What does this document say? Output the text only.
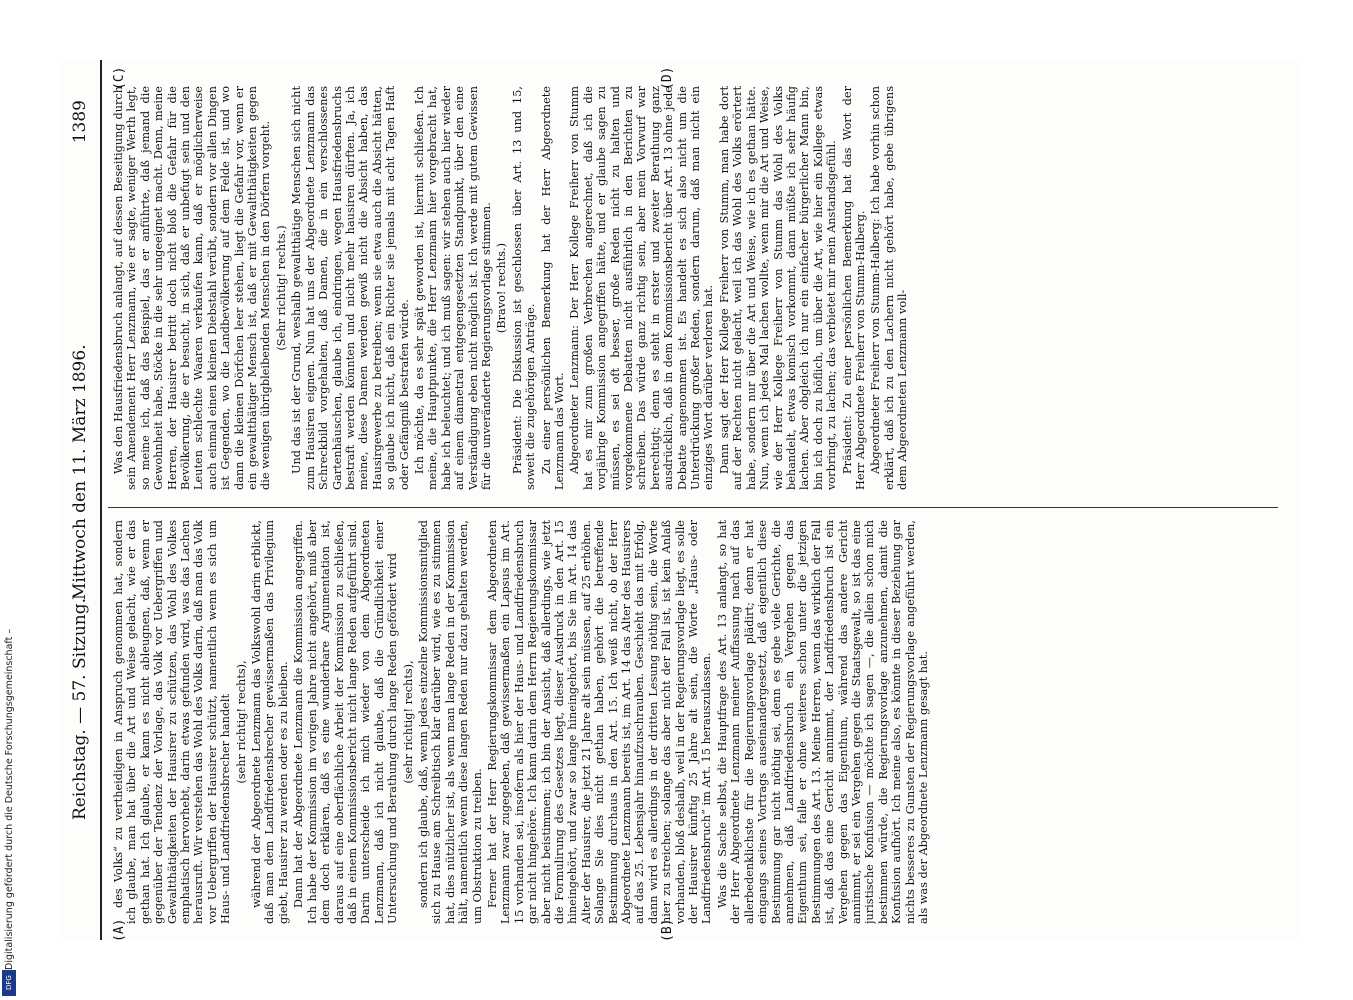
Reichstag. — 57. Sitzung.
Mittwoch den 11. März 1896.
1389
(A)	(B)
(C)	(D)

des Volks“ zu vertheidigen in Anspruch genommen hat, sondern ich glaube, man hat über die Art und Weise gelacht, wie er das gethan hat. Ich glaube, er kann es nicht ableugnen, daß, wenn er gegenüber der Tendenz der Vorlage, das Volk vor Uebergriffen und Gewaltthätigkeiten der Hausirer zu schützen, das Wohl des Volkes emphatisch hervorhebt, darin etwas gefunden wird, was das Lachen herausruft. Wir verstehen das Wohl des Volks darin, daß man das Volk vor Uebergriffen der Hausirer schützt, namentlich wenn es sich um Haus- und Landfriedensbrecher handelt (sehr richtig! rechts), während der Abgeordnete Lenzmann das Volkswohl darin erblickt, daß man dem Landfriedensbrecher gewissermaßen das Privilegium giebt, Hausirer zu werden oder es zu bleiben. Dann hat der Abgeordnete Lenzmann die Kommission angegriffen. Ich habe der Kommission im vorigen Jahre nicht angehört, muß aber dem doch erklären, daß es eine wunderbare Argumentation ist, daraus auf eine oberflächliche Arbeit der Kommission zu schließen, daß in einem Kommissionsbericht nicht lange Reden aufgeführt sind. Darin unterscheide ich mich wieder von dem Abgeordneten Lenzmann, daß ich nicht glaube, daß die Gründlichkeit einer Untersuchung und Berathung durch lange Reden gefördert wird (sehr richtig! rechts), sondern ich glaube, daß, wenn jedes einzelne Kommissionsmitglied sich zu Hause am Schreibtisch klar darüber wird, wie es zu stimmen hat, dies nützlicher ist, als wenn man lange Reden in der Kommission hält, namentlich wenn diese langen Reden nur dazu gehalten werden, um Obstruktion zu treiben. Ferner hat der Herr Regierungskommissar dem Abgeordneten Lenzmann zwar zugegeben, daß gewissermaßen ein Lapsus im Art. 15 vorhanden sei, insofern als hier der Haus- und Landfriedensbruch gar nicht hingehöre. Ich kann darin dem Herrn Regierungskommissar aber nicht beistimmen; ich bin der Ansicht, daß allerdings, wie jetzt die Formulirung des Gesetzes liegt, dieser Ausdruck in den Art. 15 hineingehört, und zwar so lange hineingehört, bis Sie im Art. 14 das Alter der Hausirer, die jetzt 21 Jahre alt sein müssen, auf 25 erhöhen. Solange Sie dies nicht gethan haben, gehört die betreffende Bestimmung durchaus in den Art. 15. Ich weiß nicht, ob der Herr Abgeordnete Lenzmann bereits ist, im Art. 14 das Alter des Hausirers auf das 25. Lebensjahr hinaufzuschrauben. Geschieht das mit Erfolg, dann wird es allerdings in der dritten Lesung nöthig sein, die Worte hier zu streichen; solange das aber nicht der Fall ist, ist kein Anlaß vorhanden, bloß deshalb, weil in der Regierungsvorlage liegt, es solle der Hausirer künftig 25 Jahre alt sein, die Worte „Haus- oder Landfriedensbruch“ im Art. 15 herauszulassen. Was die Sache selbst, die Hauptfrage des Art. 13 anlangt, so hat der Herr Abgeordnete Lenzmann meiner Auffassung nach auf das allerbedenklichste für die Regierungsvorlage plädirt; denn er hat eingangs seines Vortrags auseinandergesetzt, daß eigentlich diese Bestimmung gar nicht nöthig sei, denn es gebe viele Gerichte, die annehmen, daß Landfriedensbruch ein Vergehen gegen das Eigenthum sei, falle er ohne weiteres schon unter die jetzigen Bestimmungen des Art. 13. Meine Herren, wenn das wirklich der Fall ist, daß das eine Gericht annimmt, der Landfriedensbruch ist ein Vergehen gegen das Eigenthum, während das andere Gericht annimmt, er sei ein Vergehen gegen die Staatsgewalt, so ist das eine juristische Konfusion — möchte ich sagen —, die allein schon mich bestimmen würde, die Regierungsvorlage anzunehmen, damit die Konfusion aufhört. Ich meine also, es könnte in dieser Beziehung gar nichts besseres zu Gunsten der Regierungsvorlage angeführt werden, als was der Abgeordnete Lenzmann gesagt hat.

Was den Hausfriedensbruch anlangt, auf dessen Beseitigung durch sein Amendement Herr Lenzmann, wie er sagte, weniger Werth legt, so meine ich, daß das Beispiel, das er anführte, daß jemand die Gewohnheit habe, Stöcke in die sehr ungeeignet macht. Denn, meine Herren, der Hausirer betritt doch nicht bloß die Gefahr für die Bevölkerung, die er besucht, in sich, daß er unbefugt sein und den Leuten schlechte Waaren verkaufen kann, daß er möglicherweise auch einmal einen kleinen Diebstahl verübt, sondern vor allen Dingen ist Gegenden, wo die Landbevölkerung auf dem Felde ist, und wo dann die kleinen Dörfchen leer stehen, liegt die Gefahr vor, wenn er ein gewaltthätiger Mensch ist, daß er mit Gewaltthätigkeiten gegen die wenigen übrigbleibenden Menschen in den Dörfern vorgeht. (Sehr richtig! rechts.) Und das ist der Grund, weshalb gewaltthätige Menschen sich nicht zum Hausiren eignen. Nun hat uns der Abgeordnete Lenzmann das Schreckbild vorgehalten, daß Damen, die in ein verschlossenes Gartenhäuschen, glaube ich, eindringen, wegen Hausfriedensbruchs bestraft werden könnten und nicht mehr hausiren dürften. Ja, ich meine, diese Damen werden gewiß nicht die Absicht haben, das Hausirgewerbe zu betreiben; wenn sie etwa auch die Absicht hätten, so glaube ich nicht, daß ein Richter sie jemals mit acht Tagen Haft oder Gefängniß bestrafen würde. Ich möchte, da es sehr spät geworden ist, hiermit schließen. Ich meine, die Hauptpunkte, die Herr Lenzmann hier vorgebracht hat, habe ich beleuchtet; und ich muß sagen: wir stehen auch hier wieder auf einem diametral entgegengesetzten Standpunkt, über den eine Verständigung eben nicht möglich ist. Ich werde mit gutem Gewissen für die unveränderte Regierungsvorlage stimmen. (Bravo! rechts.) Präsident: Die Diskussion ist geschlossen über Art. 13 und 15, soweit die zugehörigen Anträge. Zu einer persönlichen Bemerkung hat der Herr Abgeordnete Lenzmann das Wort. Abgeordneter Lenzmann: Der Herr Kollege Freiherr von Stumm hat es mir zum großen Verbrechen angerechnet, daß ich die vorjährige Kommission angegriffen hätte, und er glaube sagen zu müssen, es sei oft besser, große Reden nicht zu halten und vorgekommene Debatten nicht ausführlich in den Berichten zu schreiben. Das würde ganz richtig sein, aber mein Vorwurf war berechtigt; denn es steht in erster und zweiter Berathung ganz ausdrücklich, daß in dem Kommissionsbericht über Art. 13 ohne jede Debatte angenommen ist. Es handelt es sich also nicht um die Unterdrückung großer Reden, sondern darum, daß man nicht ein einziges Wort darüber verloren hat. Dann sagt der Herr Kollege Freiherr von Stumm, man habe dort auf der Rechten nicht gelacht, weil ich das Wohl des Volks erörtert habe, sondern nur über die Art und Weise, wie ich es gethan hätte. Nun, wenn ich jedes Mal lachen wollte, wenn mir die Art und Weise, wie der Herr Kollege Freiherr von Stumm das Wohl des Volks behandelt, etwas komisch vorkommt, dann müßte ich sehr häufig lachen. Aber obgleich ich nur ein einfacher bürgerlicher Mann bin, bin ich doch zu höflich, um über die Art, wie hier ein Kollege etwas vorbringt, zu lachen; das verbietet mir mein Anstandsgefühl. Präsident: Zu einer persönlichen Bemerkung hat das Wort der Herr Abgeordnete Freiherr von Stumm-Halberg. Abgeordneter Freiherr von Stumm-Halberg: Ich habe vorhin schon erklärt, daß ich zu den Lachern nicht gehört habe, gebe übrigens dem Abgeordneten Lenzmann voll-

Digitalisierung gefördert durch die Deutsche Forschungsgemeinschaft –
DFG
